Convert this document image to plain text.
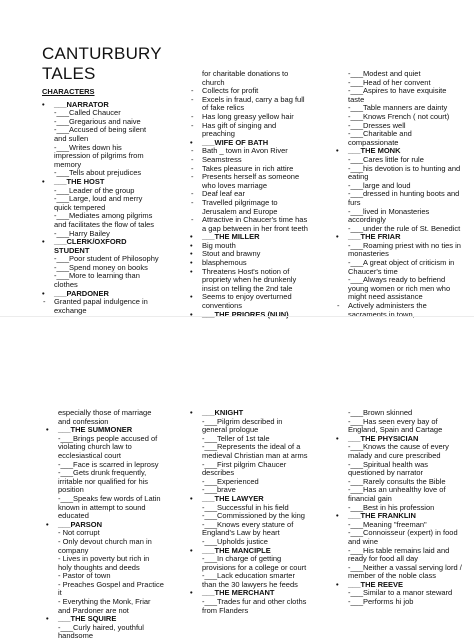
CANTURBURY TALES
CHARACTERS
• ___NARRATOR
-___Called Chaucer
-___Gregarious and naive
-___Accused of being silent and sullen
-___Writes down his impression of pilgrims from memory
-___Tells about prejudices
• ___THE HOST
-___Leader of the group
-___Large, loud and merry quick tempered
-___Mediates among pilgrims and facilitates the flow of tales
-___Harry Bailey
• ___CLERK/OXFORD STUDENT
-___Poor student of Philosophy
-___Spend money on books
-___More to learning than clothes
• ___PARDONER
- Granted papal indulgence in exchange
for charitable donations to church
- Collects for profit
- Excels in fraud, carry a bag full of fake relics
- Has long greasy yellow hair
- Has gift of singing and preaching
• ___WIFE OF BATH
- Bath _ town in Avon River
- Seamstress
- Takes pleasure in rich attire
- Presents herself as someone who loves marriage
- Deaf leaf ear
- Travelled pilgrimage to Jerusalem and Europe
- Attractive in Chaucer's time has a gap between in her front teeth
• ___THE MILLER
• Big mouth
• Stout and brawny
• blasphemous
• Threatens Host's notion of propriety when he drunkenly insist on telling the 2nd tale
• Seems to enjoy overturned conventions
• ___THE PRIORES (NUN)
-___Modest and quiet
-___Head of her convent
-___Aspires to have exquisite taste
-___Table manners are dainty
-___Knows French ( not court)
-___Dresses well
-___Charitable and compassionate
• ___THE MONK
-___Cares little for rule
-___his devotion is to hunting and eating
-___large and loud
-___dressed in hunting boots and furs
-___lived in Monasteries accordingly
-___under the rule of St. Benedict
• ___THE FRIAR
-___Roaming priest with no ties in monasteries
-___A great object of criticism in Chaucer's time
-___Always ready to befriend young women or rich men who might need assistance
- Actively administers the sacraments in town,
especially those of marriage and confession
• ___THE SUMMONER
-___Brings people accused of violating church law to ecclesiastical court
-___Face is scarred in leprosy
-___Gets drunk frequently, irritable nor qualified for his position
-___Speaks few words of Latin known in attempt to sound educated
• ___PARSON
- Not corrupt
- Only devout church man in company
- Lives in poverty but rich in holy thoughts and deeds
- Pastor of town
- Preaches Gospel and Practice it
- Everything the Monk, Friar and Pardoner are not
• ___THE SQUIRE
-___Curly haired, youthful handsome
• ___KNIGHT
-___Pilgrim described in general prologue
-___Teller of 1st tale
-___Represents the ideal of a medieval Christian man at arms
-___First pilgrim Chaucer describes
-___Experienced
-___brave
• ___THE LAWYER
-___Successful in his field
-___Commissioned by the king
-___Knows every stature of England's Law by heart
-___Upholds justice
• ___THE MANCIPLE
-___In charge of getting provisions for a college or court
-___Lack education smarter than the 30 lawyers he feeds
• ___THE MERCHANT
-___Trades fur and other cloths from Flanders
-___Brown skinned
-___Has seen every bay of England, Spain and Cartage
• ___THE PHYSICIAN
-___Knows the cause of every malady and cure prescribed
-___Spiritual health was questioned by narrator
-___Rarely consults the Bible
-___Has an unhealthy love of financial gain
-___Best in his profession
• ___THE FRANKLIN
-___Meaning "freeman"
-___Connoisseur (expert) in food and wine
-___His table remains laid and ready for food all day
-___Neither a vassal serving lord / member of the noble class
• ___THE REEVE
-___Similar to a manor steward
-___Performs hi job
